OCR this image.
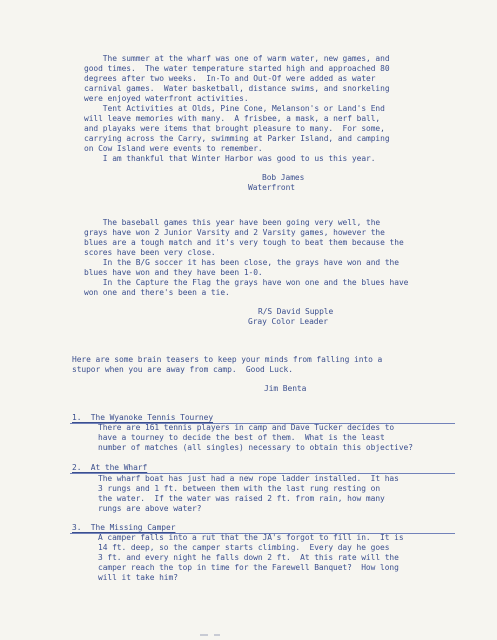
The summer at the wharf was one of warm water, new games, and
good times.  The water temperature started high and approached 80
degrees after two weeks.  In-To and Out-Of were added as water
carnival games.  Water basketball, distance swims, and snorkeling
were enjoyed waterfront activities.
Tent Activities at Olds, Pine Cone, Melanson's or Land's End
will leave memories with many.  A frisbee, a mask, a nerf ball,
and playaks were items that brought pleasure to many.  For some,
carrying across the Carry, swimming at Parker Island, and camping
on Cow Island were events to remember.
I am thankful that Winter Harbor was good to us this year.
Bob James
Waterfront
The baseball games this year have been going very well, the
grays have won 2 Junior Varsity and 2 Varsity games, however the
blues are a tough match and it's very tough to beat them because the
scores have been very close.
In the B/G soccer it has been close, the grays have won and the
blues have won and they have been 1-0.
In the Capture the Flag the grays have won one and the blues have
won one and there's been a tie.
R/S David Supple
Gray Color Leader
Here are some brain teasers to keep your minds from falling into a
stupor when you are away from camp.  Good Luck.
Jim Benta
1.  The Wyanoke Tennis Tourney
There are 161 tennis players in camp and Dave Tucker decides to
have a tourney to decide the best of them.  What is the least
number of matches (all singles) necessary to obtain this objective?
2.  At the Wharf
The wharf boat has just had a new rope ladder installed.  It has
3 rungs and 1 ft. between them with the last rung resting on
the water.  If the water was raised 2 ft. from rain, how many
rungs are above water?
3.  The Missing Camper
A camper falls into a rut that the JA's forgot to fill in.  It is
14 ft. deep, so the camper starts climbing.  Every day he goes
3 ft. and every night he falls down 2 ft.  At this rate will the
camper reach the top in time for the Farewell Banquet?  How long
will it take him?
